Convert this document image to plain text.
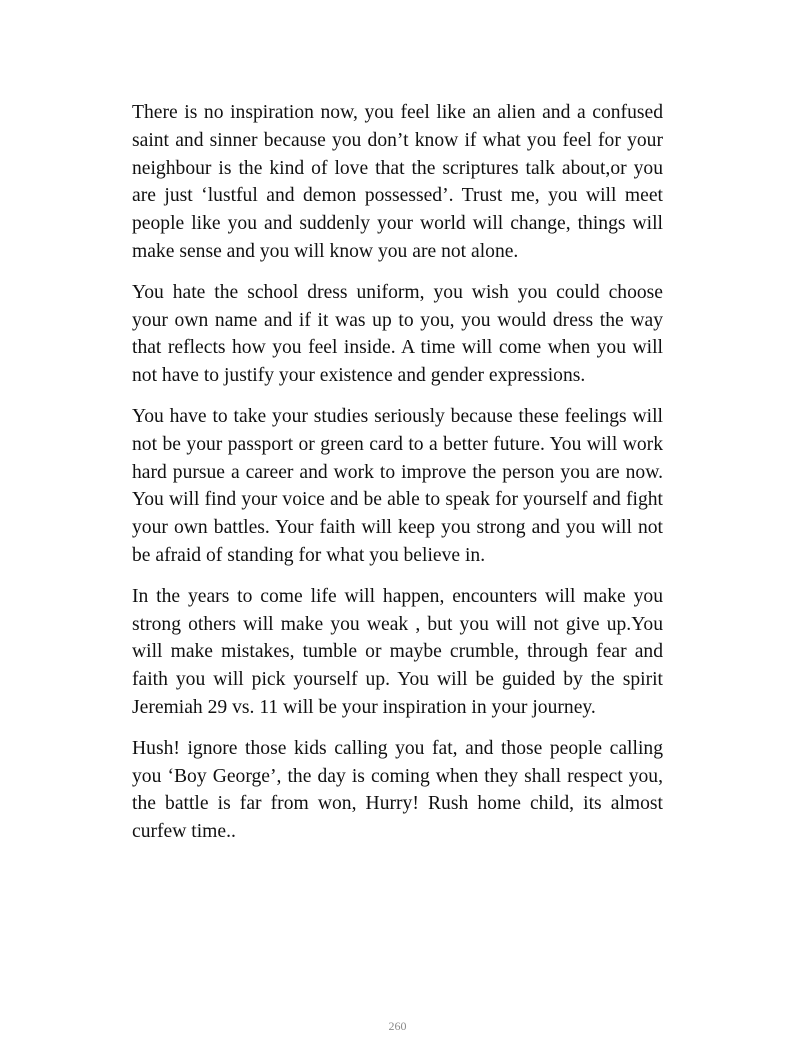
There is no inspiration now, you feel like an alien and a confused saint and sinner because you don’t know if what you feel for your neighbour is the kind of love that the scriptures talk about,or you are just ‘lustful and demon possessed’. Trust me, you will meet people like you and suddenly your world will change, things will make sense and you will know you are not alone.

You hate the school dress uniform, you wish you could choose your own name and if it was up to you, you would dress the way that reflects how you feel inside. A time will come when you will not have to justify your existence and gender expressions.

You have to take your studies seriously because these feelings will not be your passport or green card to a better future. You will work hard pursue a career and work to improve the person you are now. You will find your voice and be able to speak for yourself and fight your own battles. Your faith will keep you strong and you will not be afraid of standing for what you believe in.

In the years to come life will happen, encounters will make you strong others will make you weak , but you will not give up.You will make mistakes, tumble or maybe crumble, through fear and faith you will pick yourself up. You will be guided by the spirit Jeremiah 29 vs. 11 will be your inspiration in your journey.

Hush! ignore those kids calling you fat, and those people calling you ‘Boy George’, the day is coming when they shall respect you, the battle is far from won, Hurry! Rush home child, its almost curfew time..

260
